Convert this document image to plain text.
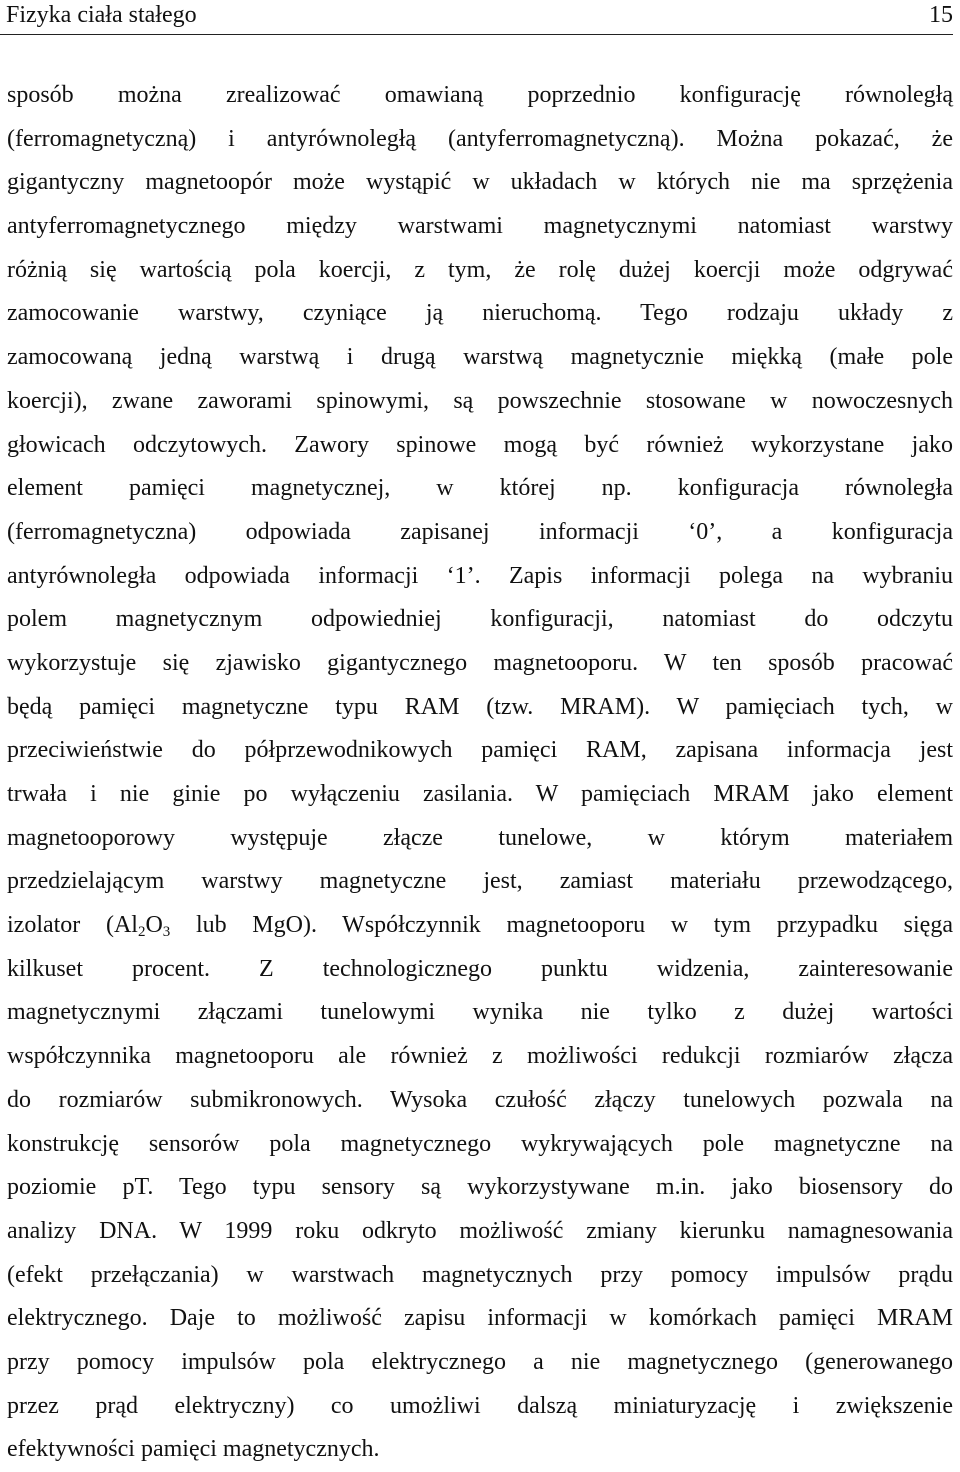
Fizyka ciała stałego	15
sposób można zrealizować omawianą poprzednio konfigurację równoległą
(ferromagnetyczną) i antyrównoległą (antyferromagnetyczną). Można pokazać, że
gigantyczny magnetoopór może wystąpić w układach w których nie ma sprzężenia
antyferromagnetycznego między warstwami magnetycznymi natomiast warstwy
różnią się wartością pola koercji, z tym, że rolę dużej koercji może odgrywać
zamocowanie warstwy, czyniące ją nieruchomą. Tego rodzaju układy z
zamocowaną jedną warstwą i drugą warstwą magnetycznie miękką (małe pole
koercji), zwane zaworami spinowymi, są powszechnie stosowane w nowoczesnych
głowicach odczytowych. Zawory spinowe mogą być również wykorzystane jako
element pamięci magnetycznej, w której np. konfiguracja równoległa
(ferromagnetyczna) odpowiada zapisanej informacji ‘0’, a konfiguracja
antyrównoległa odpowiada informacji ‘1’. Zapis informacji polega na wybraniu
polem magnetycznym odpowiedniej konfiguracji, natomiast do odczytu
wykorzystuje się zjawisko gigantycznego magnetooporu. W ten sposób pracować
będą pamięci magnetyczne typu RAM (tzw. MRAM). W pamięciach tych, w
przeciwieństwie do półprzewodnikowych pamięci RAM, zapisana informacja jest
trwała i nie ginie po wyłączeniu zasilania. W pamięciach MRAM jako element
magnetooporowy występuje złącze tunelowe, w którym materiałem
przedzielającym warstwy magnetyczne jest, zamiast materiału przewodzącego,
izolator ($Al_2O_3$ lub MgO). Współczynnik magnetooporu w tym przypadku sięga
kilkuset procent. Z technologicznego punktu widzenia, zainteresowanie
magnetycznymi złączami tunelowymi wynika nie tylko z dużej wartości
współczynnika magnetooporu ale również z możliwości redukcji rozmiarów złącza
do rozmiarów submikronowych. Wysoka czułość złączy tunelowych pozwala na
konstrukcję sensorów pola magnetycznego wykrywających pole magnetyczne na
poziomie pT. Tego typu sensory są wykorzystywane m.in. jako biosensory do
analizy DNA. W 1999 roku odkryto możliwość zmiany kierunku namagnesowania
(efekt przełączania) w warstwach magnetycznych przy pomocy impulsów prądu
elektrycznego. Daje to możliwość zapisu informacji w komórkach pamięci MRAM
przy pomocy impulsów pola elektrycznego a nie magnetycznego (generowanego
przez prąd elektryczny) co umożliwi dalszą miniaturyzację i zwiększenie
efektywności pamięci magnetycznych.
